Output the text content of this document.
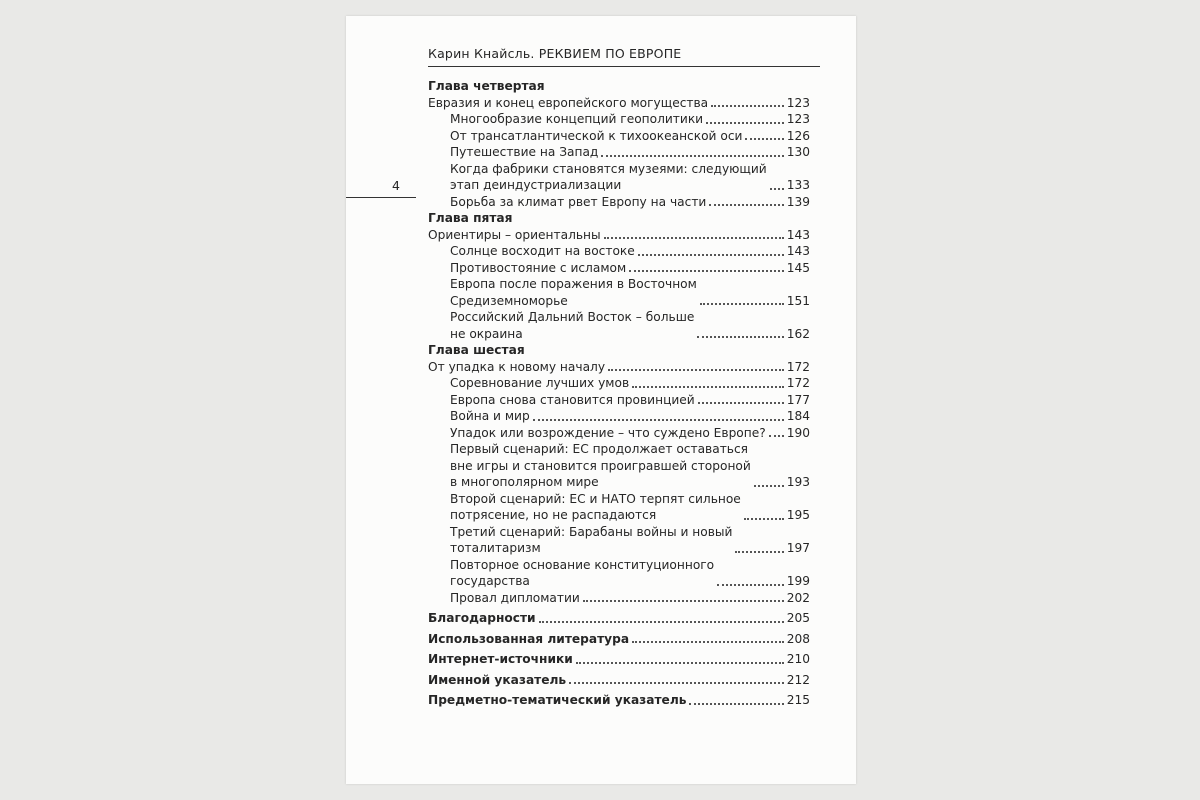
Карин Кнайсль. РЕКВИЕМ ПО ЕВРОПЕ
4
Глава четвертая
Евразия и конец европейского могущества	123
Многообразие концепций геополитики	123
От трансатлантической к тихоокеанской оси	126
Путешествие на Запад	130
Когда фабрики становятся музеями: следующий
этап деиндустриализации	133
Борьба за климат рвет Европу на части	139
Глава пятая
Ориентиры – ориентальны	143
Солнце восходит на востоке	143
Противостояние с исламом	145
Европа после поражения в Восточном
Средиземноморье	151
Российский Дальний Восток – больше
не окраина	162
Глава шестая
От упадка к новому началу	172
Соревнование лучших умов	172
Европа снова становится провинцией	177
Война и мир	184
Упадок или возрождение – что суждено Европе? 190
Первый сценарий: ЕС продолжает оставаться
вне игры и становится проигравшей стороной
в многополярном мире	193
Второй сценарий: ЕС и НАТО терпят сильное
потрясение, но не распадаются	195
Третий сценарий: Барабаны войны и новый
тоталитаризм	197
Повторное основание конституционного
государства	199
Провал дипломатии	202
Благодарности	205
Использованная литература	208
Интернет-источники	210
Именной указатель	212
Предметно-тематический указатель	215
